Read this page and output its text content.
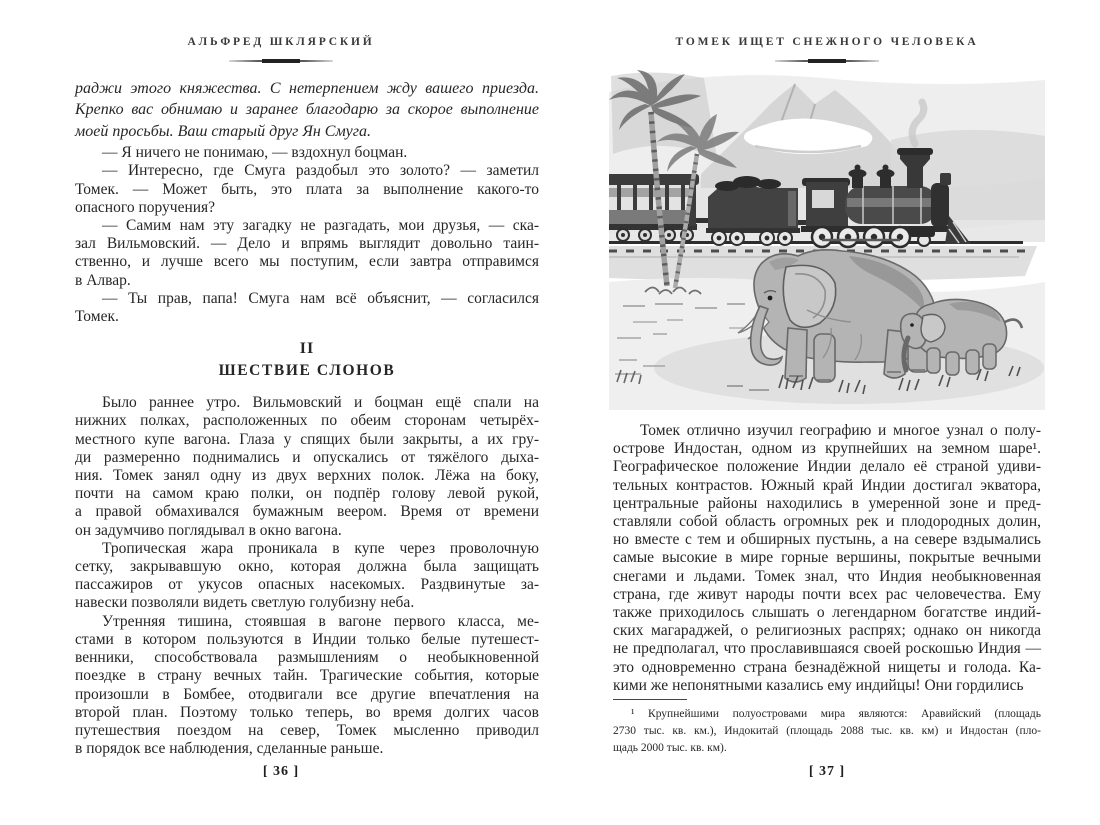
АЛЬФРЕД ШКЛЯРСКИЙ
раджи этого княжества. С нетерпением жду вашего приезда.
Крепко вас обнимаю и заранее благодарю за скорое выполнение
моей просьбы. Ваш старый друг Ян Смуга.
— Я ничего не понимаю, — вздохнул боцман.
— Интересно, где Смуга раздобыл это золото? — заметил
Томек. — Может быть, это плата за выполнение какого-то
опасного поручения?
— Самим нам эту загадку не разгадать, мои друзья, — ска-
зал Вильмовский. — Дело и впрямь выглядит довольно таин-
ственно, и лучше всего мы поступим, если завтра отправимся
в Алвар.
— Ты прав, папа! Смуга нам всё объяснит, — согласился
Томек.
II
ШЕСТВИЕ СЛОНОВ
Было раннее утро. Вильмовский и боцман ещё спали на
нижних полках, расположенных по обеим сторонам четырёх-
местного купе вагона. Глаза у спящих были закрыты, а их гру-
ди размеренно поднимались и опускались от тяжёлого дыха-
ния. Томек занял одну из двух верхних полок. Лёжа на боку,
почти на самом краю полки, он подпёр голову левой рукой,
а правой обмахивался бумажным веером. Время от времени
он задумчиво поглядывал в окно вагона.
Тропическая жара проникала в купе через проволочную
сетку, закрывавшую окно, которая должна была защищать
пассажиров от укусов опасных насекомых. Раздвинутые за-
навески позволяли видеть светлую голубизну неба.
Утренняя тишина, стоявшая в вагоне первого класса, ме-
стами в котором пользуются в Индии только белые путешест-
венники, способствовала размышлениям о необыкновенной
поездке в страну вечных тайн. Трагические события, которые
произошли в Бомбее, отодвигали все другие впечатления на
второй план. Поэтому только теперь, во время долгих часов
путешествия поездом на север, Томек мысленно приводил
в порядок все наблюдения, сделанные раньше.
[ 36 ]
ТОМЕК ИЩЕТ СНЕЖНОГО ЧЕЛОВЕКА
Томек отлично изучил географию и многое узнал о полу-
острове Индостан, одном из крупнейших на земном шаре¹.
Географическое положение Индии делало её страной удиви-
тельных контрастов. Южный край Индии достигал экватора,
центральные районы находились в умеренной зоне и пред-
ставляли собой область огромных рек и плодородных долин,
но вместе с тем и обширных пустынь, а на севере вздымались
самые высокие в мире горные вершины, покрытые вечными
снегами и льдами. Томек знал, что Индия необыкновенная
страна, где живут народы почти всех рас человечества. Ему
также приходилось слышать о легендарном богатстве индий-
ских магараджей, о религиозных распрях; однако он никогда
не предполагал, что прославившаяся своей роскошью Индия —
это одновременно страна безнадёжной нищеты и голода. Ка-
кими же непонятными казались ему индийцы! Они гордились
¹ Крупнейшими полуостровами мира являются: Аравийский (площадь
2730 тыс. кв. км.), Индокитай (площадь 2088 тыс. кв. км) и Индостан (пло-
щадь 2000 тыс. кв. км).
[ 37 ]
